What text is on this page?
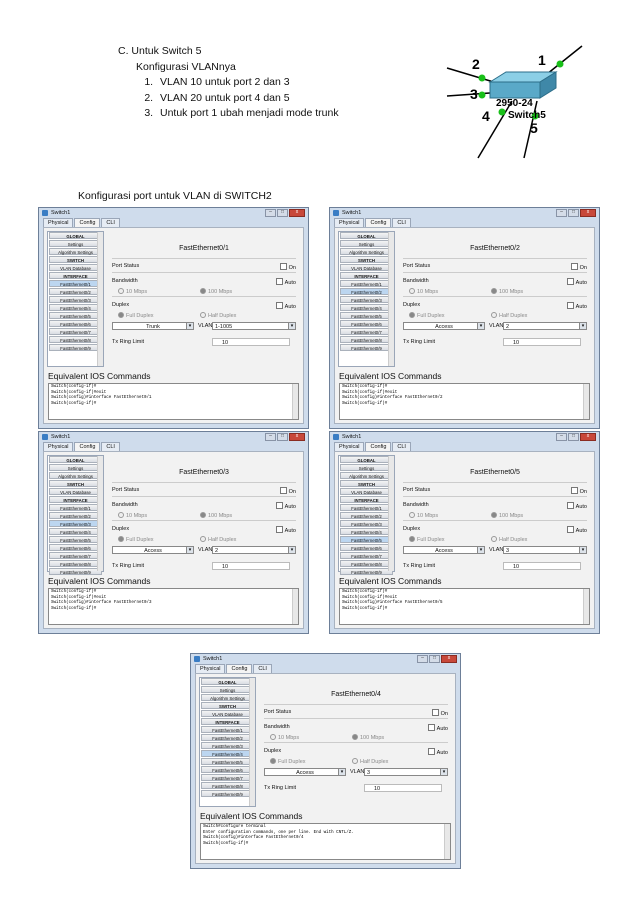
C. Untuk Switch 5
Konfigurasi VLANnya
1. VLAN 10 untuk port 2 dan 3
2. VLAN 20 untuk port 4 dan 5
3. Untuk port 1 ubah menjadi mode trunk
2
3
4
5
1
2950-24
Switch5
Konfigurasi port untuk VLAN di SWITCH2
Switch1	–	□	x
Physical	Config	CLI
GLOBAL
Settings
Algorithm Settings
SWITCH
VLAN Database
INTERFACE
FastEthernet0/1
FastEthernet0/2
FastEthernet0/3
FastEthernet0/4
FastEthernet0/5
FastEthernet0/6
FastEthernet0/7
FastEthernet0/8
FastEthernet0/9
FastEthernet0/1
Port Status	On
Bandwidth	Auto
10 Mbps	100 Mbps
Duplex	Auto
Full Duplex	Half Duplex
Trunk ▾	VLAN 1-1005 ▾
Tx Ring Limit	10
Equivalent IOS Commands
Switch(config-if)#
Switch(config-if)#exit
Switch(config)#interface FastEthernet0/1
Switch(config-if)#
Switch1	–	□	x
Physical	Config	CLI
GLOBAL
Settings
Algorithm Settings
SWITCH
VLAN Database
INTERFACE
FastEthernet0/1
FastEthernet0/2
FastEthernet0/3
FastEthernet0/4
FastEthernet0/5
FastEthernet0/6
FastEthernet0/7
FastEthernet0/8
FastEthernet0/9
FastEthernet0/2
Port Status	On
Bandwidth	Auto
10 Mbps	100 Mbps
Duplex	Auto
Full Duplex	Half Duplex
Access ▾	VLAN 2 ▾
Tx Ring Limit	10
Equivalent IOS Commands
Switch(config-if)#
Switch(config-if)#exit
Switch(config)#interface FastEthernet0/2
Switch(config-if)#
Switch1	–	□	x
Physical	Config	CLI
GLOBAL
Settings
Algorithm Settings
SWITCH
VLAN Database
INTERFACE
FastEthernet0/1
FastEthernet0/2
FastEthernet0/3
FastEthernet0/4
FastEthernet0/5
FastEthernet0/6
FastEthernet0/7
FastEthernet0/8
FastEthernet0/9
FastEthernet0/3
Port Status	On
Bandwidth	Auto
10 Mbps	100 Mbps
Duplex	Auto
Full Duplex	Half Duplex
Access ▾	VLAN 2 ▾
Tx Ring Limit	10
Equivalent IOS Commands
Switch(config-if)#
Switch(config-if)#exit
Switch(config)#interface FastEthernet0/3
Switch(config-if)#
Switch1	–	□	x
Physical	Config	CLI
GLOBAL
Settings
Algorithm Settings
SWITCH
VLAN Database
INTERFACE
FastEthernet0/1
FastEthernet0/2
FastEthernet0/3
FastEthernet0/4
FastEthernet0/5
FastEthernet0/6
FastEthernet0/7
FastEthernet0/8
FastEthernet0/9
FastEthernet0/5
Port Status	On
Bandwidth	Auto
10 Mbps	100 Mbps
Duplex	Auto
Full Duplex	Half Duplex
Access ▾	VLAN 3 ▾
Tx Ring Limit	10
Equivalent IOS Commands
Switch(config-if)#
Switch(config-if)#exit
Switch(config)#interface FastEthernet0/5
Switch(config-if)#
Switch1	–	□	x
Physical	Config	CLI
GLOBAL
Settings
Algorithm Settings
SWITCH
VLAN Database
INTERFACE
FastEthernet0/1
FastEthernet0/2
FastEthernet0/3
FastEthernet0/4
FastEthernet0/5
FastEthernet0/6
FastEthernet0/7
FastEthernet0/8
FastEthernet0/9
FastEthernet0/4
Port Status	On
Bandwidth	Auto
10 Mbps	100 Mbps
Duplex	Auto
Full Duplex	Half Duplex
Access ▾	VLAN 3 ▾
Tx Ring Limit	10
Equivalent IOS Commands
Switch#configure terminal
Enter configuration commands, one per line. End with CNTL/Z.
Switch(config)#interface FastEthernet0/4
Switch(config-if)#
